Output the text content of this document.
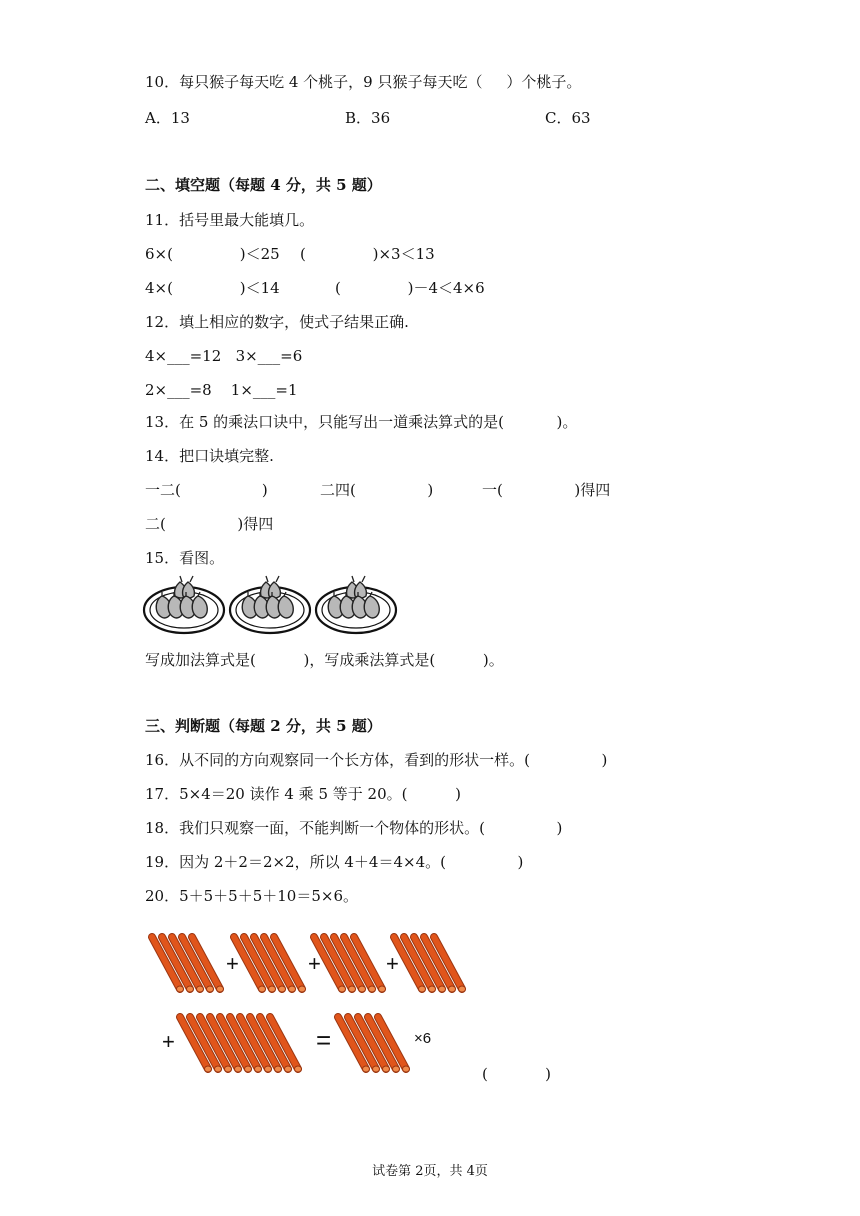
10．每只猴子每天吃 4 个桃子，9 只猴子每天吃（     ）个桃子。
A．13	B．36	C．63
二、填空题（每题 4 分，共 5 题）
11．括号里最大能填几。
6×(              )＜25 (              )×3＜13
4×(              )＜14	(              )－4＜4×6
12．填上相应的数字，使式子结果正确.
4×___=12   3×___=6
2×___=8    1×___=1
13．在 5 的乘法口诀中，只能写出一道乘法算式的是(           )。
14．把口诀填完整.
一二(                 )	二四(               )	一(               )得四
二(               )得四
15．看图。
写成加法算式是(          )，写成乘法算式是(          )。
三、判断题（每题 2 分，共 5 题）
16．从不同的方向观察同一个长方体，看到的形状一样。(               )
17．5×4＝20 读作 4 乘 5 等于 20。(          )
18．我们只观察一面，不能判断一个物体的形状。(               )
19．因为 2＋2＝2×2，所以 4＋4＝4×4。(               )
20．5＋5＋5＋5＋10＝5×6。
+	+	+
+	=	×6
(            )
试卷第 2页，共 4页
